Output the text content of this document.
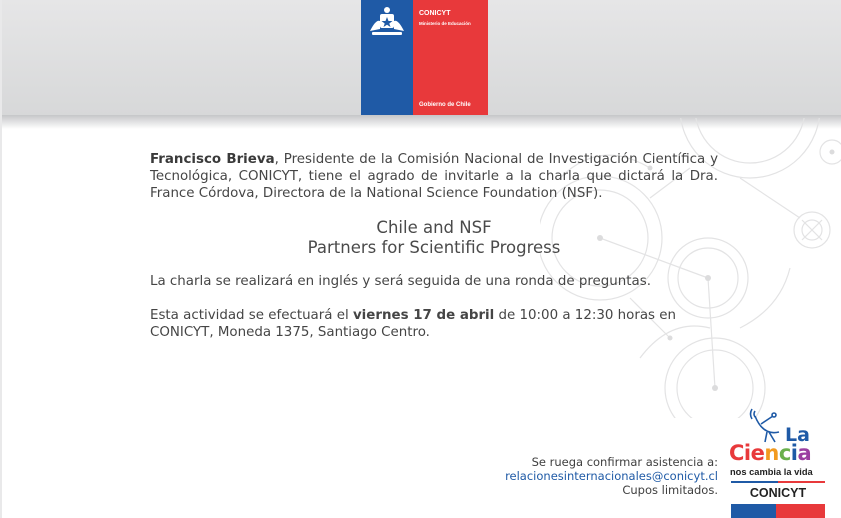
CONICYT
Ministerio de Educación
Gobierno de Chile

Francisco Brieva, Presidente de la Comisión Nacional de Investigación Científica y Tecnológica, CONICYT, tiene el agrado de invitarle a la charla que dictará la Dra. France Córdova, Directora de la National Science Foundation (NSF).

Chile and NSF
Partners for Scientific Progress

La charla se realizará en inglés y será seguida de una ronda de preguntas.

Esta actividad se efectuará el viernes 17 de abril de 10:00 a 12:30 horas en CONICYT, Moneda 1375, Santiago Centro.

Se ruega confirmar asistencia a:
relacionesinternacionales@conicyt.cl
Cupos limitados.
La
Ciencia
nos cambia la vida
CONICYT
